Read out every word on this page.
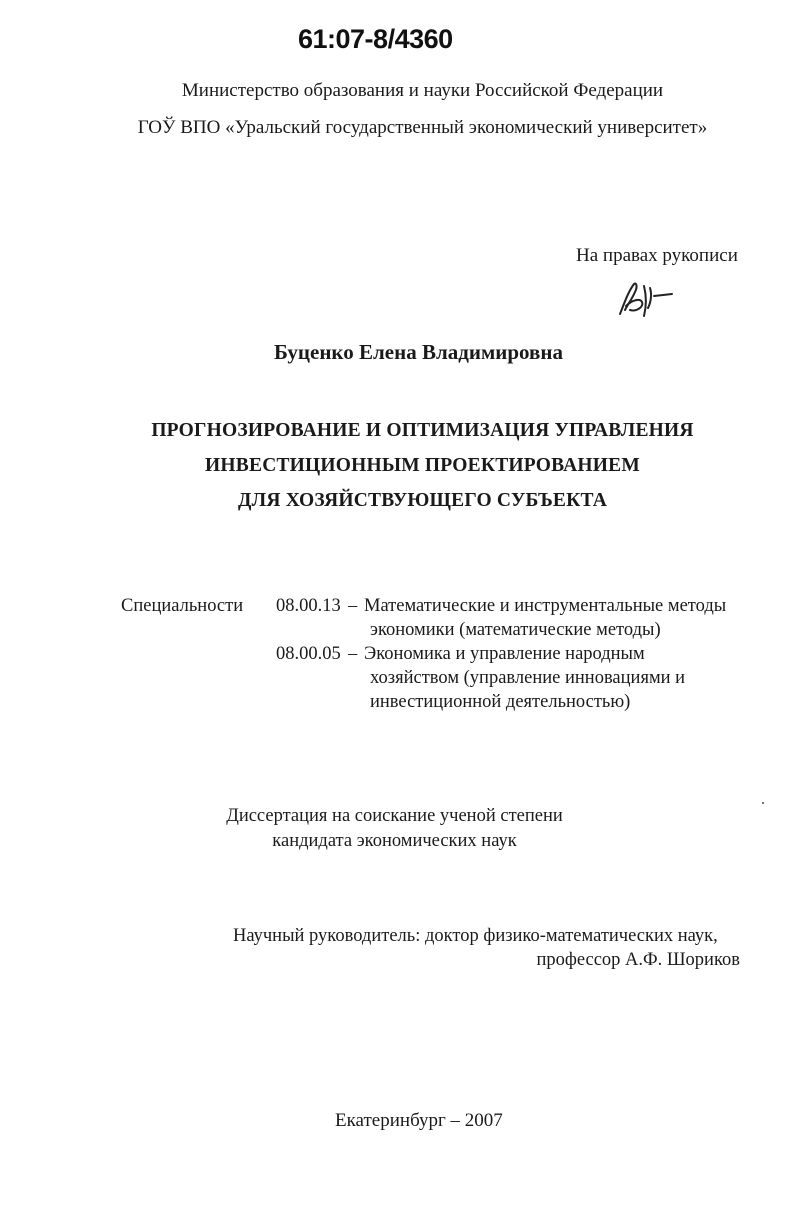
61:07-8/4360
Министерство образования и науки Российской Федерации
ГОЎ ВПО «Уральский государственный экономический университет»
На правах рукописи
Буценко Елена Владимировна
ПРОГНОЗИРОВАНИЕ И ОПТИМИЗАЦИЯ УПРАВЛЕНИЯ
ИНВЕСТИЦИОННЫМ ПРОЕКТИРОВАНИЕМ
ДЛЯ ХОЗЯЙСТВУЮЩЕГО СУБЪЕКТА
Специальности 08.00.13 – Математические и инструментальные методы
экономики (математические методы)
08.00.05 – Экономика и управление народным
хозяйством (управление инновациями и
инвестиционной деятельностью)
Диссертация на соискание ученой степени
кандидата экономических наук
Научный руководитель: доктор физико-математических наук,
профессор А.Ф. Шориков
Екатеринбург – 2007
